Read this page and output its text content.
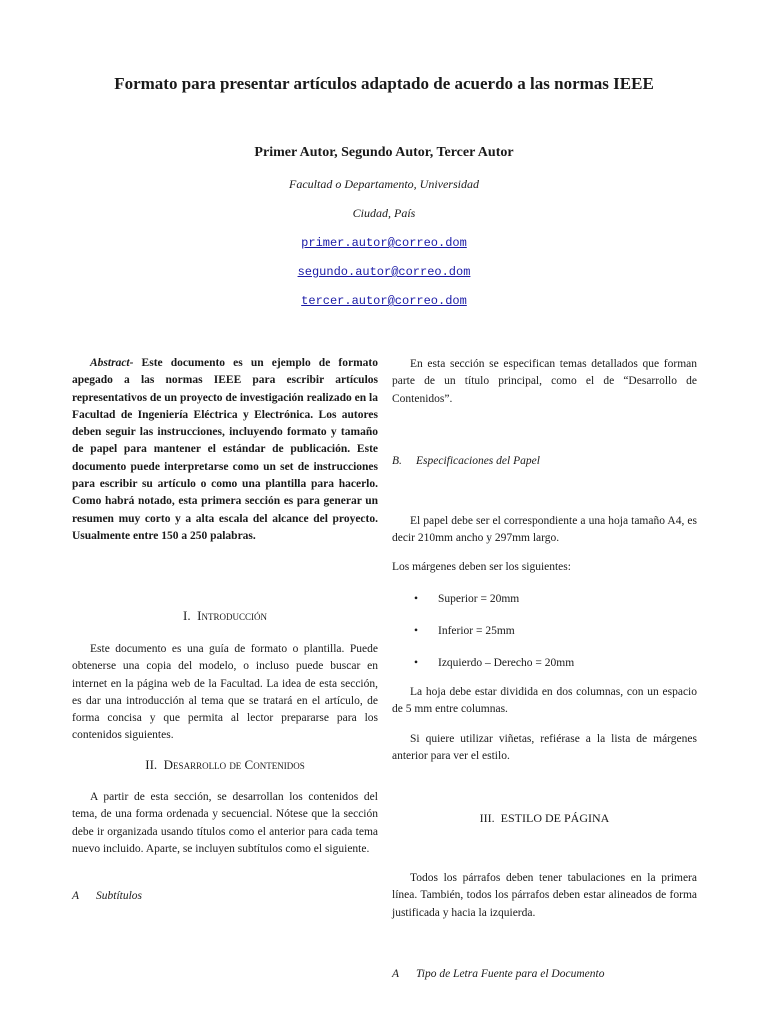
Formato para presentar artículos adaptado de acuerdo a las normas IEEE
Primer Autor, Segundo Autor, Tercer Autor
Facultad o Departamento, Universidad
Ciudad, País
primer.autor@correo.dom
segundo.autor@correo.dom
tercer.autor@correo.dom

Abstract- Este documento es un ejemplo de formato apegado a las normas IEEE para escribir artículos representativos de un proyecto de investigación realizado en la Facultad de Ingeniería Eléctrica y Electrónica. Los autores deben seguir las instrucciones, incluyendo formato y tamaño de papel para mantener el estándar de publicación. Este documento puede interpretarse como un set de instrucciones para escribir su artículo o como una plantilla para hacerlo. Como habrá notado, esta primera sección es para generar un resumen muy corto y a alta escala del alcance del proyecto. Usualmente entre 150 a 250 palabras.

I. Introducción

Este documento es una guía de formato o plantilla. Puede obtenerse una copia del modelo, o incluso puede buscar en internet en la página web de la Facultad. La idea de esta sección, es dar una introducción al tema que se tratará en el artículo, de forma concisa y que permita al lector prepararse para los contenidos siguientes.

II. Desarrollo de Contenidos

A partir de esta sección, se desarrollan los contenidos del tema, de una forma ordenada y secuencial. Nótese que la sección debe ir organizada usando títulos como el anterior para cada tema nuevo incluido. Aparte, se incluyen subtítulos como el siguiente.

A Subtítulos

En esta sección se especifican temas detallados que forman parte de un título principal, como el de “Desarrollo de Contenidos”.

B. Especificaciones del Papel

El papel debe ser el correspondiente a una hoja tamaño A4, es decir 210mm ancho y 297mm largo.

Los márgenes deben ser los siguientes:

• Superior = 20mm
• Inferior = 25mm
• Izquierdo – Derecho = 20mm

La hoja debe estar dividida en dos columnas, con un espacio de 5 mm entre columnas.

Si quiere utilizar viñetas, refiérase a la lista de márgenes anterior para ver el estilo.

III. ESTILO DE PÁGINA

Todos los párrafos deben tener tabulaciones en la primera línea. También, todos los párrafos deben estar alineados de forma justificada y hacia la izquierda.

A Tipo de Letra Fuente para el Documento
